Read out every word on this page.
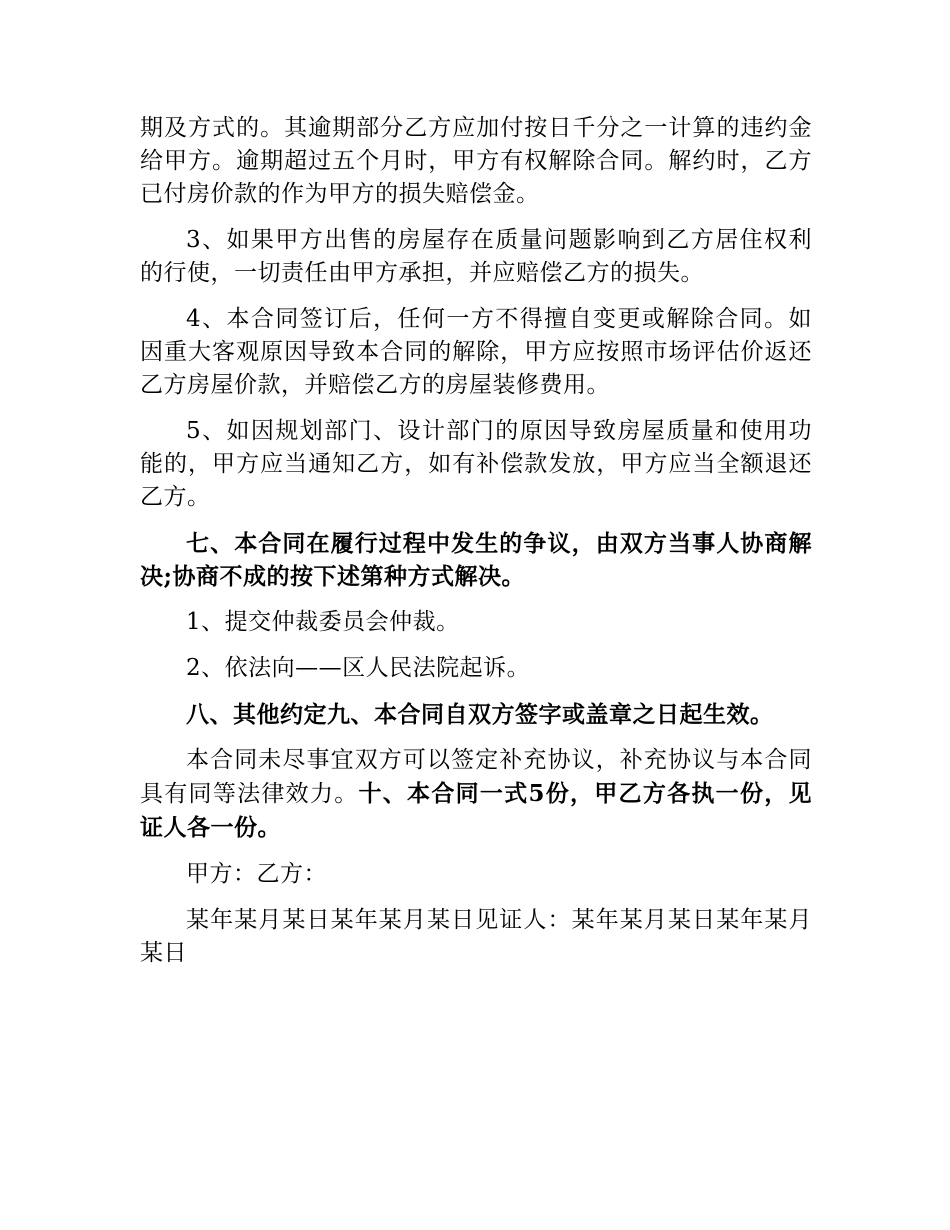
期及方式的。其逾期部分乙方应加付按日千分之一计算的违约金给甲方。逾期超过五个月时，甲方有权解除合同。解约时，乙方已付房价款的作为甲方的损失赔偿金。

3、如果甲方出售的房屋存在质量问题影响到乙方居住权利的行使，一切责任由甲方承担，并应赔偿乙方的损失。

4、本合同签订后，任何一方不得擅自变更或解除合同。如因重大客观原因导致本合同的解除，甲方应按照市场评估价返还乙方房屋价款，并赔偿乙方的房屋装修费用。

5、如因规划部门、设计部门的原因导致房屋质量和使用功能的，甲方应当通知乙方，如有补偿款发放，甲方应当全额退还乙方。

七、本合同在履行过程中发生的争议，由双方当事人协商解决;协商不成的按下述第种方式解决。

1、提交仲裁委员会仲裁。

2、依法向——区人民法院起诉。

八、其他约定九、本合同自双方签字或盖章之日起生效。

本合同未尽事宜双方可以签定补充协议，补充协议与本合同具有同等法律效力。十、本合同一式5份，甲乙方各执一份，见证人各一份。

甲方：乙方：

某年某月某日某年某月某日见证人：某年某月某日某年某月某日
